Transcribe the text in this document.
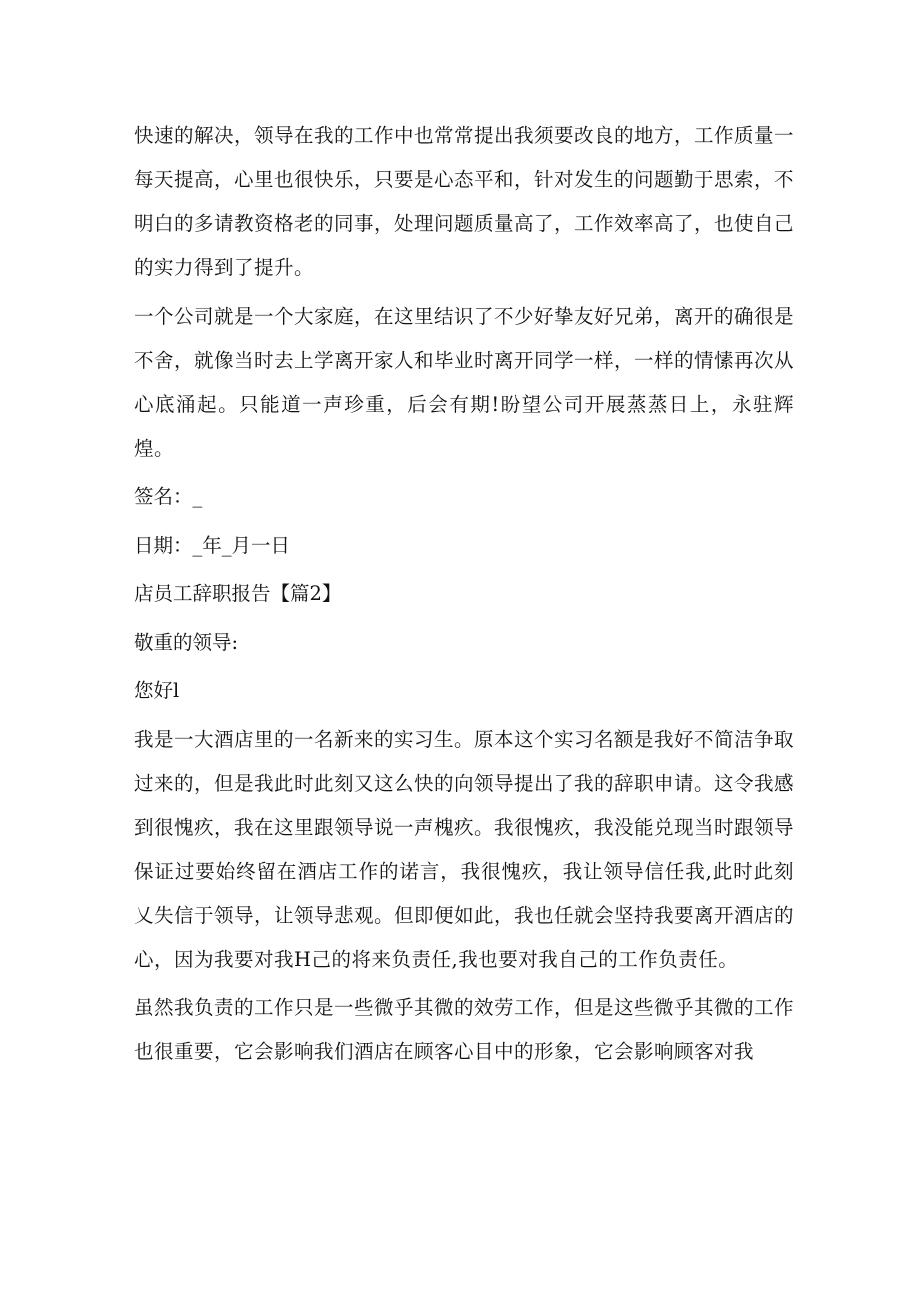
快速的解决，领导在我的工作中也常常提出我须要改良的地方，工作质量一每天提高，心里也很快乐，只要是心态平和，针对发生的问题勤于思索，不明白的多请教资格老的同事，处理问题质量高了，工作效率高了，也使自己的实力得到了提升。

一个公司就是一个大家庭，在这里结识了不少好挚友好兄弟，离开的确很是不舍，就像当时去上学离开家人和毕业时离开同学一样，一样的情愫再次从心底涌起。只能道一声珍重，后会有期!盼望公司开展蒸蒸日上，永驻辉煌。

签名：_

日期：_年_月一日

店员工辞职报告【篇2】

敬重的领导:

您好l

我是一大酒店里的一名新来的实习生。原本这个实习名额是我好不简洁争取过来的，但是我此时此刻又这么快的向领导提出了我的辞职申请。这令我感到很愧疚，我在这里跟领导说一声槐疚。我很愧疚，我没能兑现当时跟领导保证过要始终留在酒店工作的诺言，我很愧疚，我让领导信任我,此时此刻乂失信于领导，让领导悲观。但即便如此，我也任就会坚持我要离开酒店的心，因为我要对我H己的将来负责任,我也要对我自己的工作负责任。

虽然我负责的工作只是一些微乎其微的效劳工作，但是这些微乎其微的工作也很重要，它会影响我们酒店在顾客心目中的形象，它会影响顾客对我
